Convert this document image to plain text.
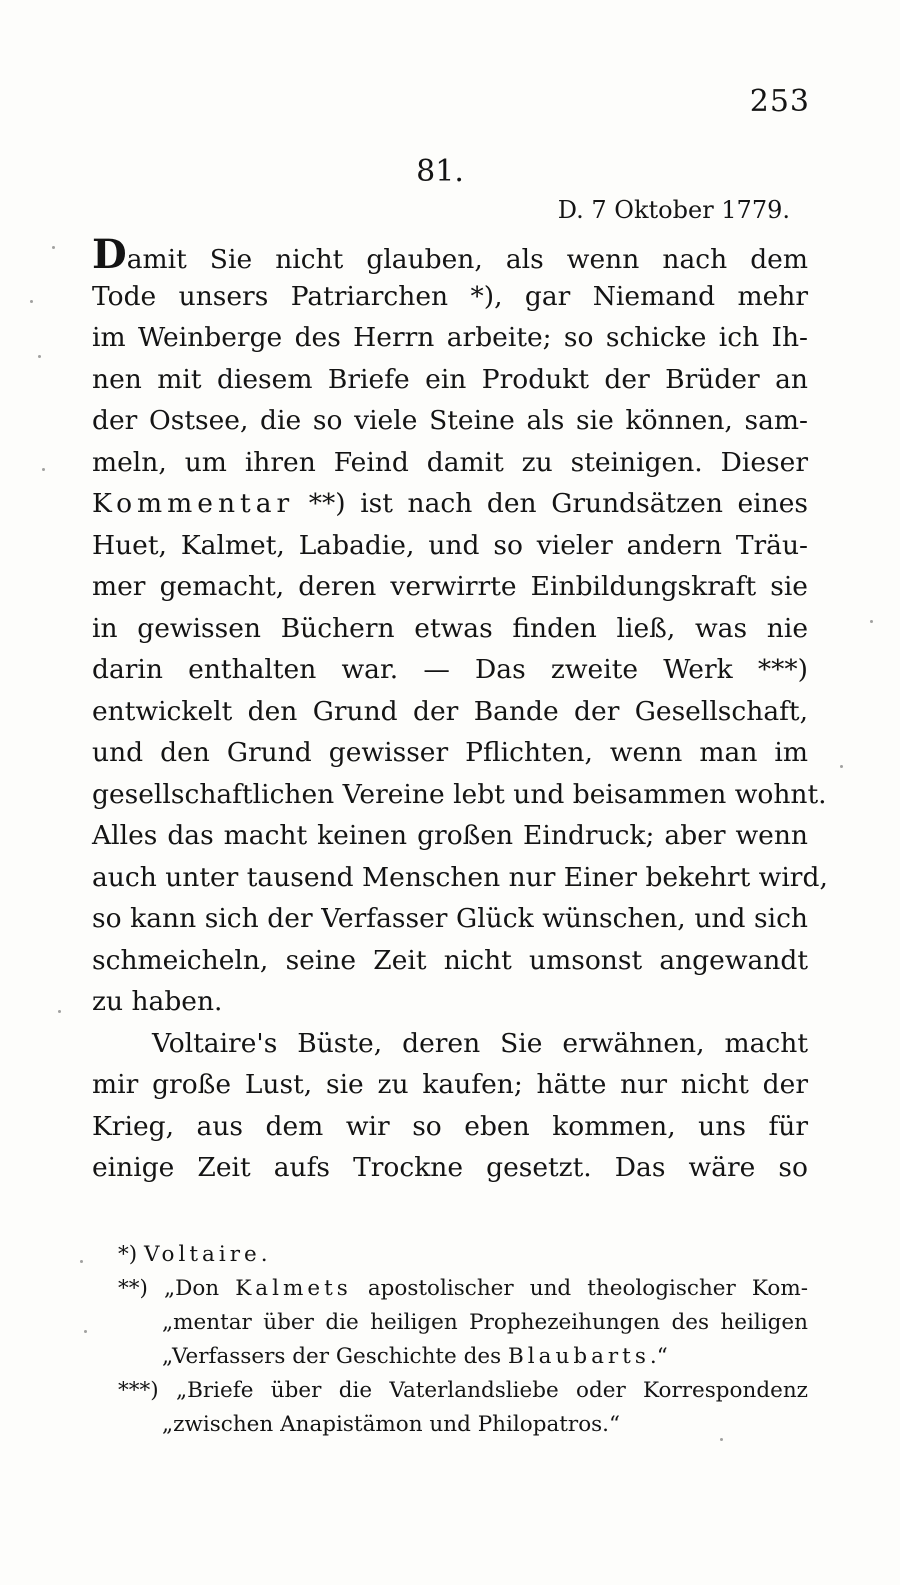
253
81.
D. 7 Oktober 1779.
Damit Sie nicht glauben, als wenn nach dem
Tode unsers Patriarchen *), gar Niemand mehr
im Weinberge des Herrn arbeite; so schicke ich Ih-
nen mit diesem Briefe ein Produkt der Brüder an
der Ostsee, die so viele Steine als sie können, sam-
meln, um ihren Feind damit zu steinigen. Dieser
Kommentar **) ist nach den Grundsätzen eines
Huet, Kalmet, Labadie, und so vieler andern Träu-
mer gemacht, deren verwirrte Einbildungskraft sie
in gewissen Büchern etwas finden ließ, was nie
darin enthalten war. — Das zweite Werk ***)
entwickelt den Grund der Bande der Gesellschaft,
und den Grund gewisser Pflichten, wenn man im
gesellschaftlichen Vereine lebt und beisammen wohnt.
Alles das macht keinen großen Eindruck; aber wenn
auch unter tausend Menschen nur Einer bekehrt wird,
so kann sich der Verfasser Glück wünschen, und sich
schmeicheln, seine Zeit nicht umsonst angewandt
zu haben.
Voltaire's Büste, deren Sie erwähnen, macht
mir große Lust, sie zu kaufen; hätte nur nicht der
Krieg, aus dem wir so eben kommen, uns für
einige Zeit aufs Trockne gesetzt. Das wäre so
*) Voltaire.
**) „Don Kalmets apostolischer und theologischer Kom-
„mentar über die heiligen Prophezeihungen des heiligen
„Verfassers der Geschichte des Blaubarts.“
***) „Briefe über die Vaterlandsliebe oder Korrespondenz
„zwischen Anapistämon und Philopatros.“
